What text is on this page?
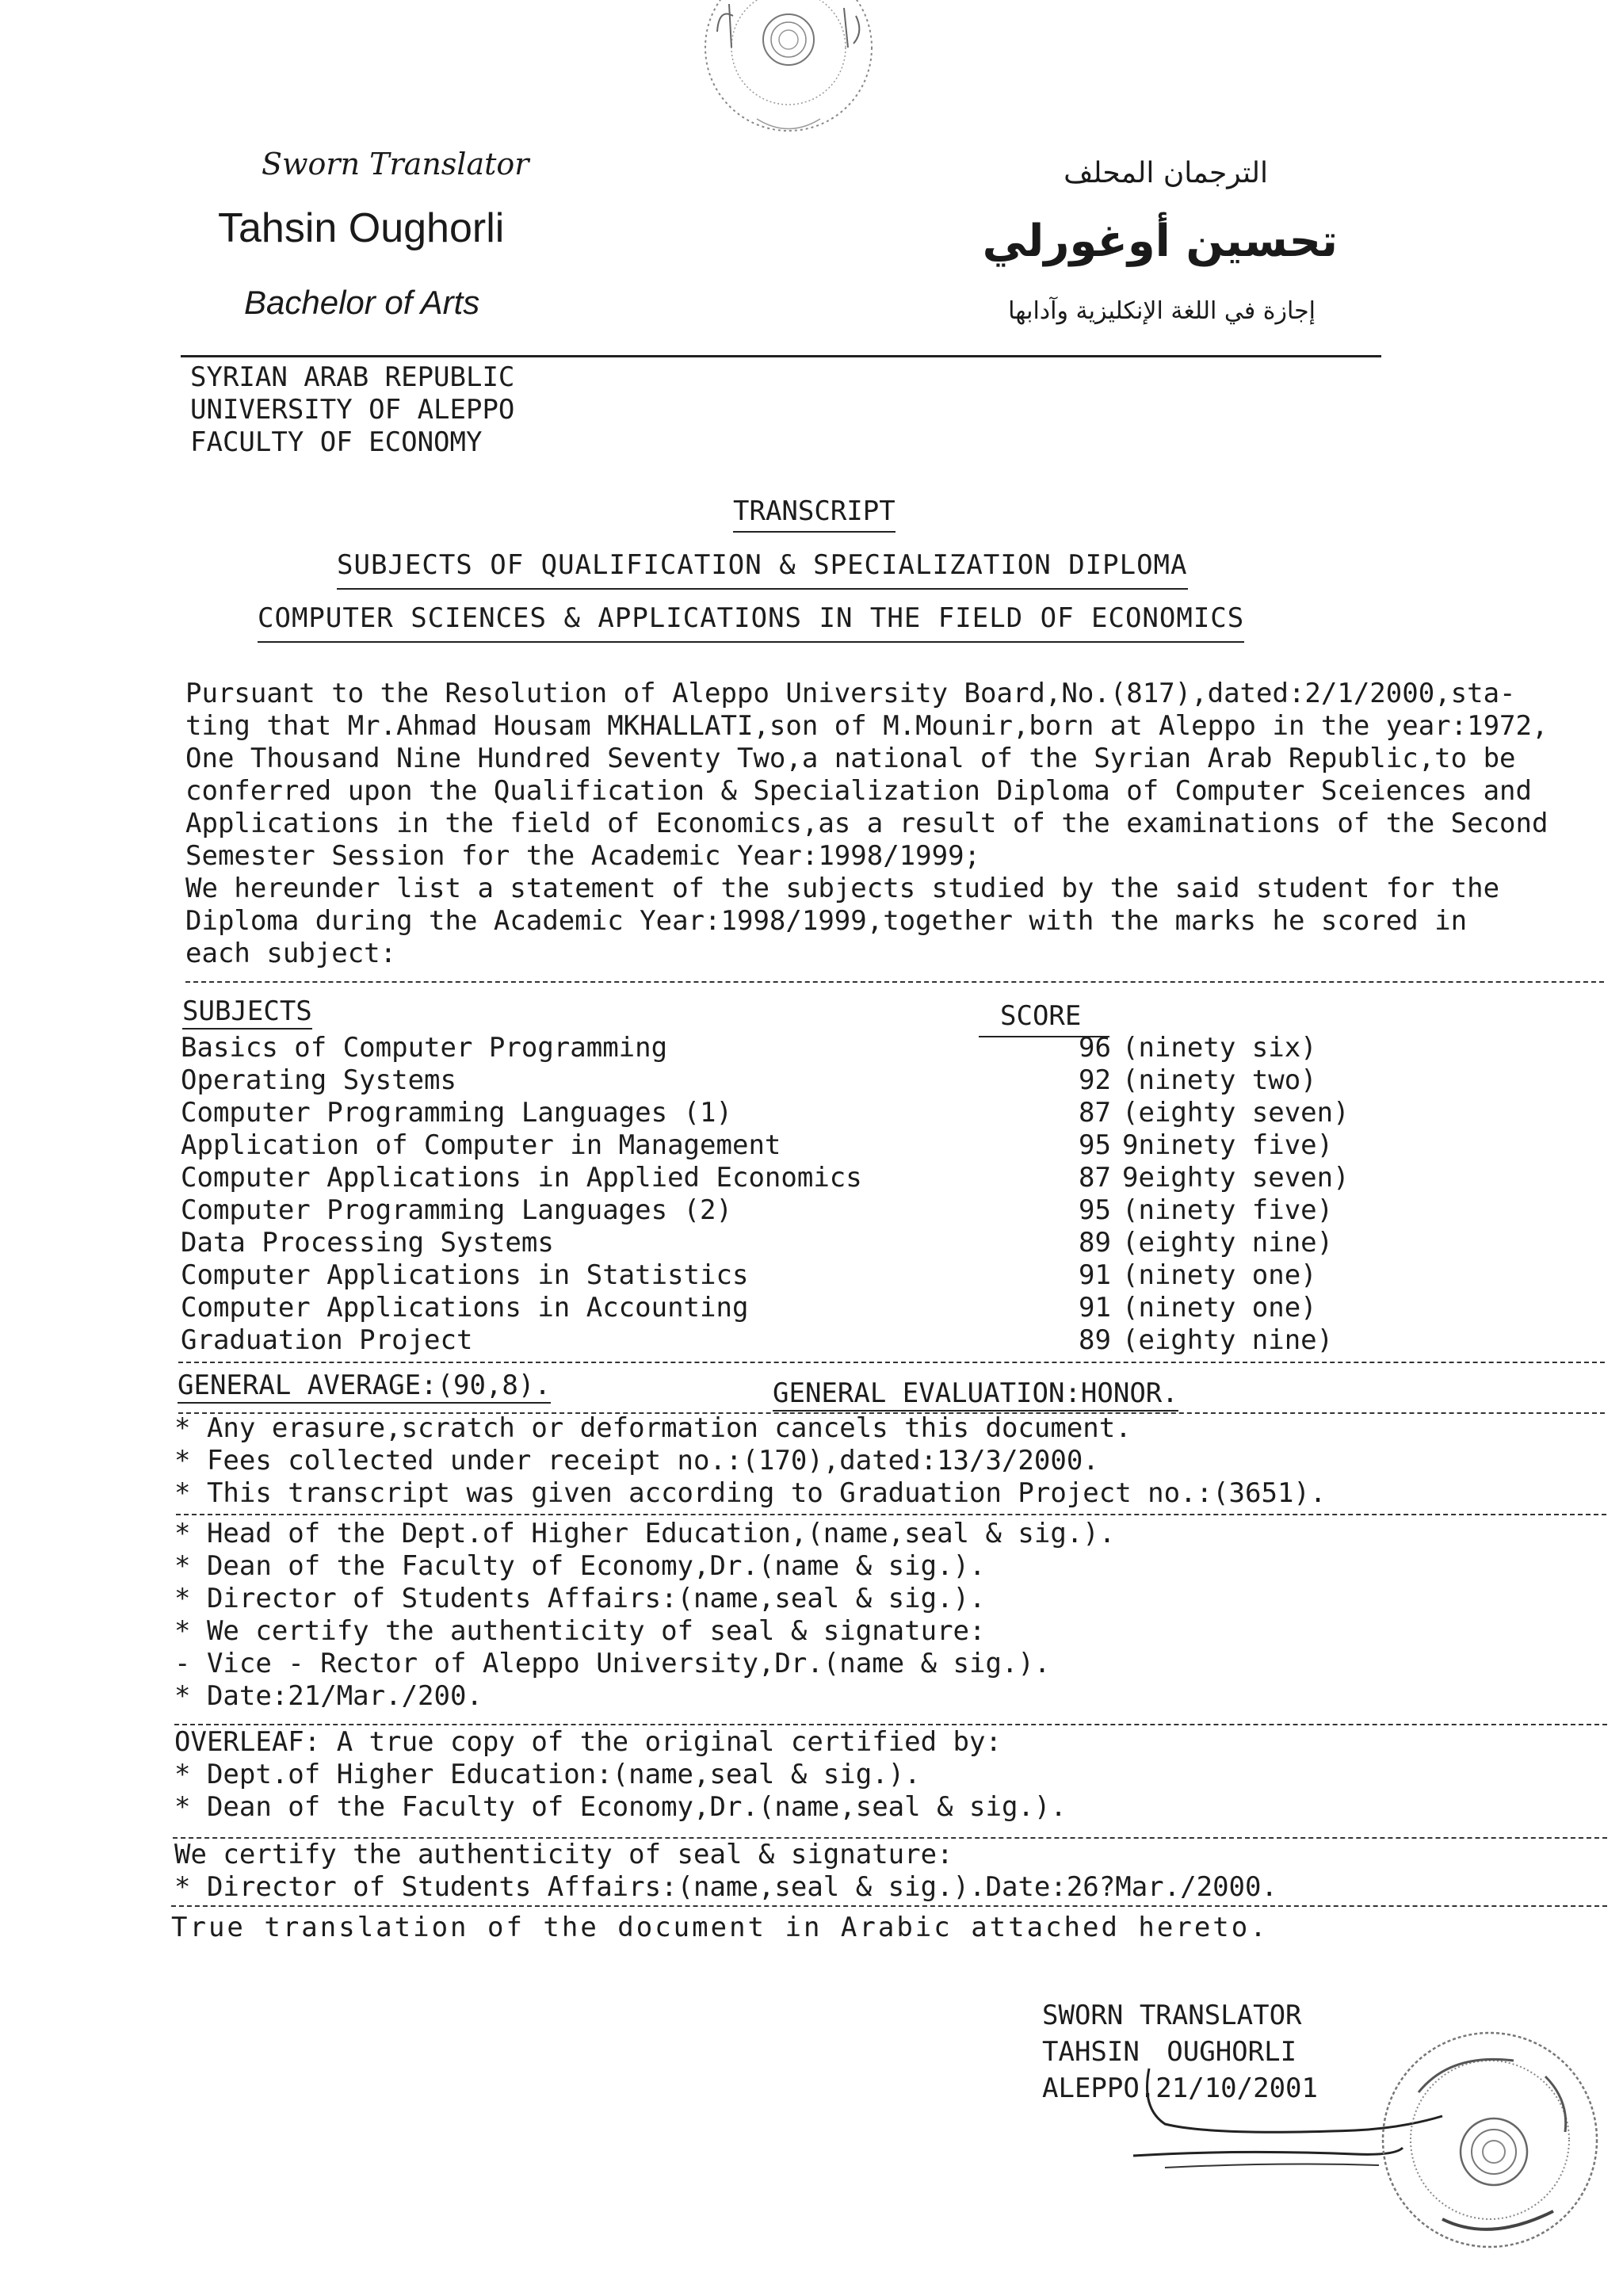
Sworn Translator
Tahsin Oughorli
Bachelor of Arts
الترجمان المحلف
تحسين أوغورلي
إجازة في اللغة الإنكليزية وآدابها
SYRIAN ARAB REPUBLIC
UNIVERSITY OF ALEPPO
FACULTY OF ECONOMY
TRANSCRIPT
SUBJECTS OF QUALIFICATION & SPECIALIZATION DIPLOMA
COMPUTER SCIENCES & APPLICATIONS IN THE FIELD OF ECONOMICS
Pursuant to the Resolution of Aleppo University Board,No.(817),dated:2/1/2000,sta-
ting that Mr.Ahmad Housam MKHALLATI,son of M.Mounir,born at Aleppo in the year:1972,
One Thousand Nine Hundred Seventy Two,a national of the Syrian Arab Republic,to be
conferred upon the Qualification & Specialization Diploma of Computer Sceiences and
Applications in the field of Economics,as a result of the examinations of the Second
Semester Session for the Academic Year:1998/1999;
We hereunder list a statement of the subjects studied by the said student for the
Diploma during the Academic Year:1998/1999,together with the marks he scored in
each subject:
SUBJECTS	SCORE
Basics of Computer Programming
Operating Systems
Computer Programming Languages (1)
Application of Computer in Management
Computer Applications in Applied Economics
Computer Programming Languages (2)
Data Processing Systems
Computer Applications in Statistics
Computer Applications in Accounting
Graduation Project
96 (ninety six)
92 (ninety two)
87 (eighty seven)
95 9ninety five)
87 9eighty seven)
95 (ninety five)
89 (eighty nine)
91 (ninety one)
91 (ninety one)
89 (eighty nine)
GENERAL AVERAGE:(90,8).	GENERAL EVALUATION:HONOR.
* Any erasure,scratch or deformation cancels this document.
* Fees collected under receipt no.:(170),dated:13/3/2000.
* This transcript was given according to Graduation Project no.:(3651).
* Head of the Dept.of Higher Education,(name,seal & sig.).
* Dean of the Faculty of Economy,Dr.(name & sig.).
* Director of Students Affairs:(name,seal & sig.).
* We certify the authenticity of seal & signature:
- Vice - Rector of Aleppo University,Dr.(name & sig.).
* Date:21/Mar./200.
OVERLEAF: A true copy of the original certified by:
* Dept.of Higher Education:(name,seal & sig.).
* Dean of the Faculty of Economy,Dr.(name,seal & sig.).
We certify the authenticity of seal & signature:
* Director of Students Affairs:(name,seal & sig.).Date:26?Mar./2000.
True translation of the document in Arabic attached hereto.
SWORN TRANSLATOR
TAHSIN OUGHORLI
ALEPPO.21/10/2001
